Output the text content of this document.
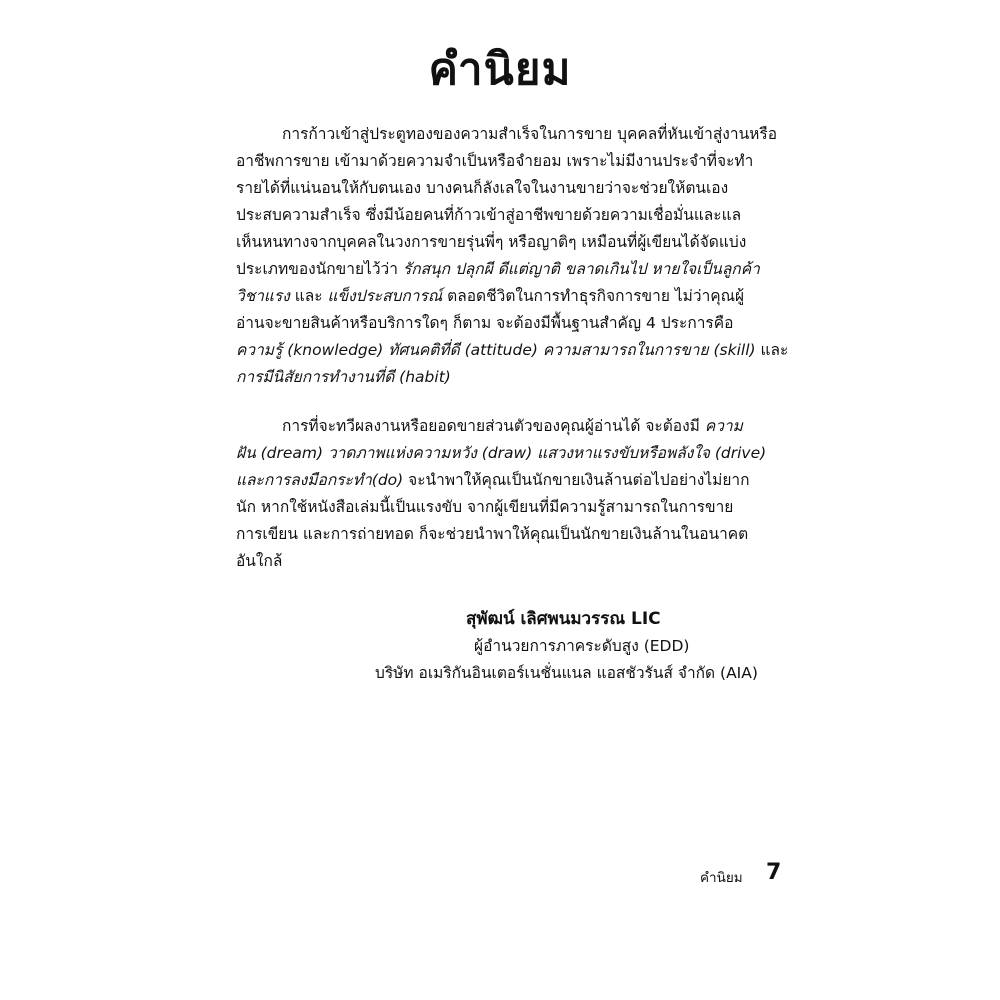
คำนิยม
การก้าวเข้าสู่ประตูทองของความสำเร็จในการขาย บุคคลที่หันเข้าสู่งานหรือ
อาชีพการขาย เข้ามาด้วยความจำเป็นหรือจำยอม เพราะไม่มีงานประจำที่จะทำ
รายได้ที่แน่นอนให้กับตนเอง บางคนก็ลังเลใจในงานขายว่าจะช่วยให้ตนเอง
ประสบความสำเร็จ ซึ่งมีน้อยคนที่ก้าวเข้าสู่อาชีพขายด้วยความเชื่อมั่นและแล
เห็นหนทางจากบุคคลในวงการขายรุ่นพี่ๆ หรือญาติๆ เหมือนที่ผู้เขียนได้จัดแบ่ง
ประเภทของนักขายไว้ว่า รักสนุก ปลุกผี ดีแต่ญาติ ขลาดเกินไป หายใจเป็นลูกค้า
วิชาแรง และ แข็งประสบการณ์ ตลอดชีวิตในการทำธุรกิจการขาย ไม่ว่าคุณผู้
อ่านจะขายสินค้าหรือบริการใดๆ ก็ตาม จะต้องมีพื้นฐานสำคัญ 4 ประการคือ
ความรู้ (knowledge) ทัศนคติที่ดี (attitude) ความสามารถในการขาย (skill) และ
การมีนิสัยการทำงานที่ดี (habit)
การที่จะทวีผลงานหรือยอดขายส่วนตัวของคุณผู้อ่านได้ จะต้องมี ความ
ฝัน (dream) วาดภาพแห่งความหวัง (draw) แสวงหาแรงขับหรือพลังใจ (drive)
และการลงมือกระทำ(do) จะนำพาให้คุณเป็นนักขายเงินล้านต่อไปอย่างไม่ยาก
นัก หากใช้หนังสือเล่มนี้เป็นแรงขับ จากผู้เขียนที่มีความรู้สามารถในการขาย
การเขียน และการถ่ายทอด ก็จะช่วยนำพาให้คุณเป็นนักขายเงินล้านในอนาคต
อันใกล้
สุพัฒน์ เลิศพนมวรรณ LIC
ผู้อำนวยการภาคระดับสูง (EDD)
บริษัท อเมริกันอินเตอร์เนชั่นแนล แอสชัวรันส์ จำกัด (AIA)
คำนิยม 7
